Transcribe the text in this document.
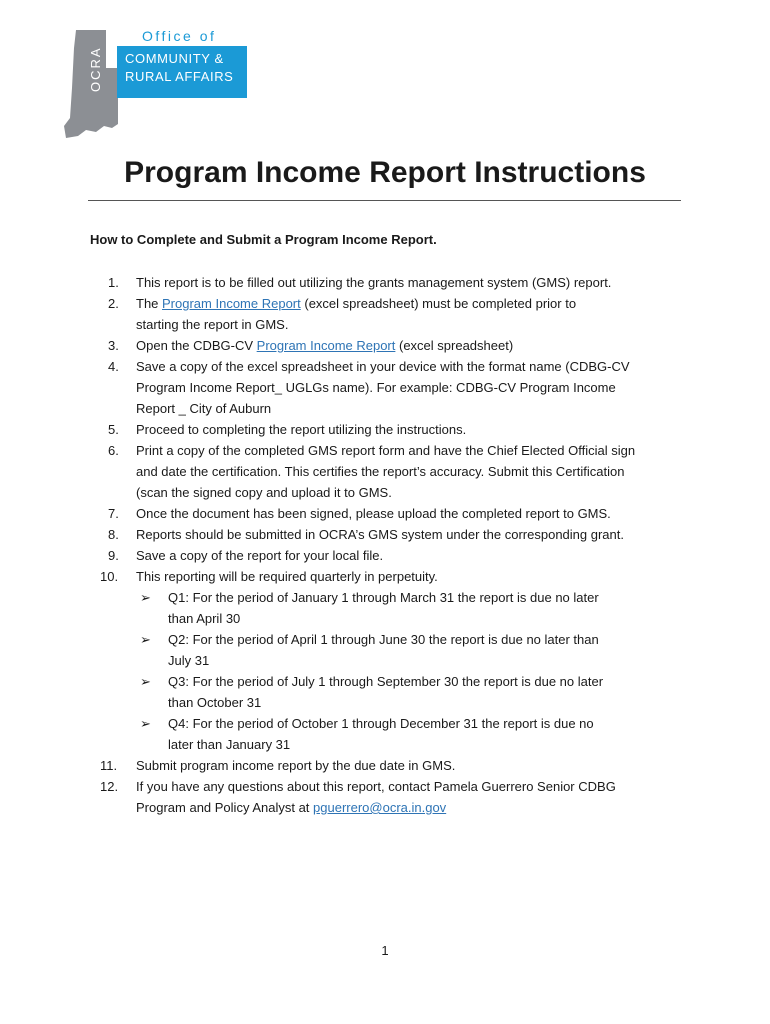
Office of
COMMUNITY &
RURAL AFFAIRS
OCRA
Program Income Report Instructions
How to Complete and Submit a Program Income Report.
1.	This report is to be filled out utilizing the grants management system (GMS) report.
2.	The Program Income Report (excel spreadsheet) must be completed prior to
starting the report in GMS.
3.	Open the CDBG-CV Program Income Report (excel spreadsheet)
4.	Save a copy of the excel spreadsheet in your device with the format name (CDBG-CV
Program Income Report_ UGLGs name). For example: CDBG-CV Program Income
Report _ City of Auburn
5.	Proceed to completing the report utilizing the instructions.
6.	Print a copy of the completed GMS report form and have the Chief Elected Official sign
and date the certification. This certifies the report’s accuracy. Submit this Certification
(scan the signed copy and upload it to GMS.
7.	Once the document has been signed, please upload the completed report to GMS.
8.	Reports should be submitted in OCRA’s GMS system under the corresponding grant.
9.	Save a copy of the report for your local file.
10.	This reporting will be required quarterly in perpetuity.
➢ Q1: For the period of January 1 through March 31 the report is due no later
than April 30
➢ Q2: For the period of April 1 through June 30 the report is due no later than
July 31
➢ Q3: For the period of July 1 through September 30 the report is due no later
than October 31
➢ Q4: For the period of October 1 through December 31 the report is due no
later than January 31
11.	Submit program income report by the due date in GMS.
12.	If you have any questions about this report, contact Pamela Guerrero Senior CDBG
Program and Policy Analyst at pguerrero@ocra.in.gov
1
